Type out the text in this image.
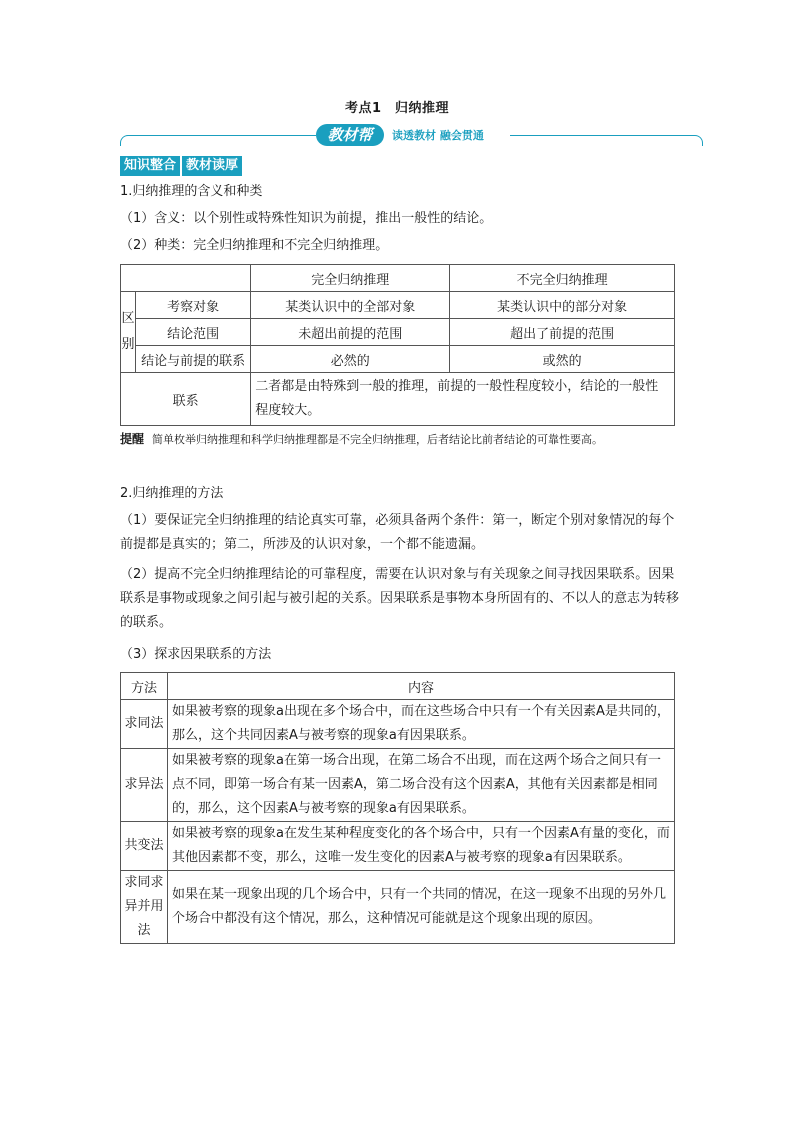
考点1　归纳推理
教材帮	读透教材 融会贯通
知识整合 教材读厚
1.归纳推理的含义和种类
（1）含义：以个别性或特殊性知识为前提，推出一般性的结论。
（2）种类：完全归纳推理和不完全归纳推理。
		完全归纳推理	不完全归纳推理

区
别	考察对象	某类认识中的全部对象	某类认识中的部分对象
	结论范围	未超出前提的范围	超出了前提的范围
	结论与前提的联系	必然的	或然的
联系		二者都是由特殊到一般的推理，前提的一般性程度较小，结论的一般性程度较大。	
提醒 简单枚举归纳推理和科学归纳推理都是不完全归纳推理，后者结论比前者结论的可靠性要高。
2.归纳推理的方法
（1）要保证完全归纳推理的结论真实可靠，必须具备两个条件：第一，断定个别对象情况的每个前提都是真实的；第二，所涉及的认识对象，一个都不能遗漏。
（2）提高不完全归纳推理结论的可靠程度，需要在认识对象与有关现象之间寻找因果联系。因果联系是事物或现象之间引起与被引起的关系。因果联系是事物本身所固有的、不以人的意志为转移的联系。
（3）探求因果联系的方法
方法	内容
求同法	如果被考察的现象a出现在多个场合中，而在这些场合中只有一个有关因素A是共同的，那么，这个共同因素A与被考察的现象a有因果联系。
求异法	如果被考察的现象a在第一场合出现，在第二场合不出现，而在这两个场合之间只有一点不同，即第一场合有某一因素A，第二场合没有这个因素A，其他有关因素都是相同的，那么，这个因素A与被考察的现象a有因果联系。
共变法	如果被考察的现象a在发生某种程度变化的各个场合中，只有一个因素A有量的变化，而其他因素都不变，那么，这唯一发生变化的因素A与被考察的现象a有因果联系。
求同求异并用法	如果在某一现象出现的几个场合中，只有一个共同的情况，在这一现象不出现的另外几个场合中都没有这个情况，那么，这种情况可能就是这个现象出现的原因。
